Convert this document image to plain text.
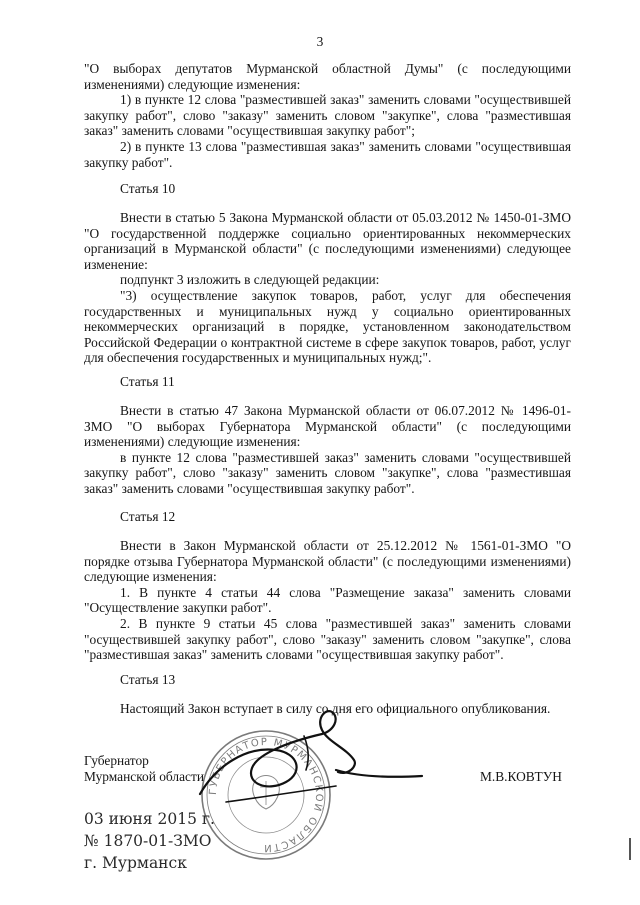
3

"О выборах депутатов Мурманской областной Думы" (с последующими изменениями) следующие изменения:

1) в пункте 12 слова "разместившей заказ" заменить словами "осуществившей закупку работ", слово "заказу" заменить словом "закупке", слова "разместившая заказ" заменить словами "осуществившая закупку работ";

2) в пункте 13 слова "разместившая заказ" заменить словами "осуществившая закупку работ".

Статья 10

Внести в статью 5 Закона Мурманской области от 05.03.2012 № 1450-01-ЗМО "О государственной поддержке социально ориентированных некоммерческих организаций в Мурманской области" (с последующими изменениями) следующее изменение:

подпункт 3 изложить в следующей редакции:

"3) осуществление закупок товаров, работ, услуг для обеспечения государственных и муниципальных нужд у социально ориентированных некоммерческих организаций в порядке, установленном законодательством Российской Федерации о контрактной системе в сфере закупок товаров, работ, услуг для обеспечения государственных и муниципальных нужд;".

Статья 11

Внести в статью 47 Закона Мурманской области от 06.07.2012 № 1496-01-ЗМО "О выборах Губернатора Мурманской области" (с последующими изменениями) следующие изменения:

в пункте 12 слова "разместившей заказ" заменить словами "осуществившей закупку работ", слово "заказу" заменить словом "закупке", слова "разместившая заказ" заменить словами "осуществившая закупку работ".

Статья 12

Внести в Закон Мурманской области от 25.12.2012 № 1561-01-ЗМО "О порядке отзыва Губернатора Мурманской области" (с последующими изменениями) следующие изменения:

1. В пункте 4 статьи 44 слова "Размещение заказа" заменить словами "Осуществление закупки работ".

2. В пункте 9 статьи 45 слова "разместившей заказ" заменить словами "осуществившей закупку работ", слово "заказу" заменить словом "закупке", слова "разместившая заказ" заменить словами "осуществившая закупку работ".

Статья 13

Настоящий Закон вступает в силу со дня его официального опубликования.

ГУБЕРНАТОР МУРМАНСКОЙ ОБЛАСТИ
Губернатор
Мурманской области	М.В.КОВТУН
03 июня 2015 г.
№ 1870-01-ЗМО
г. Мурманск
